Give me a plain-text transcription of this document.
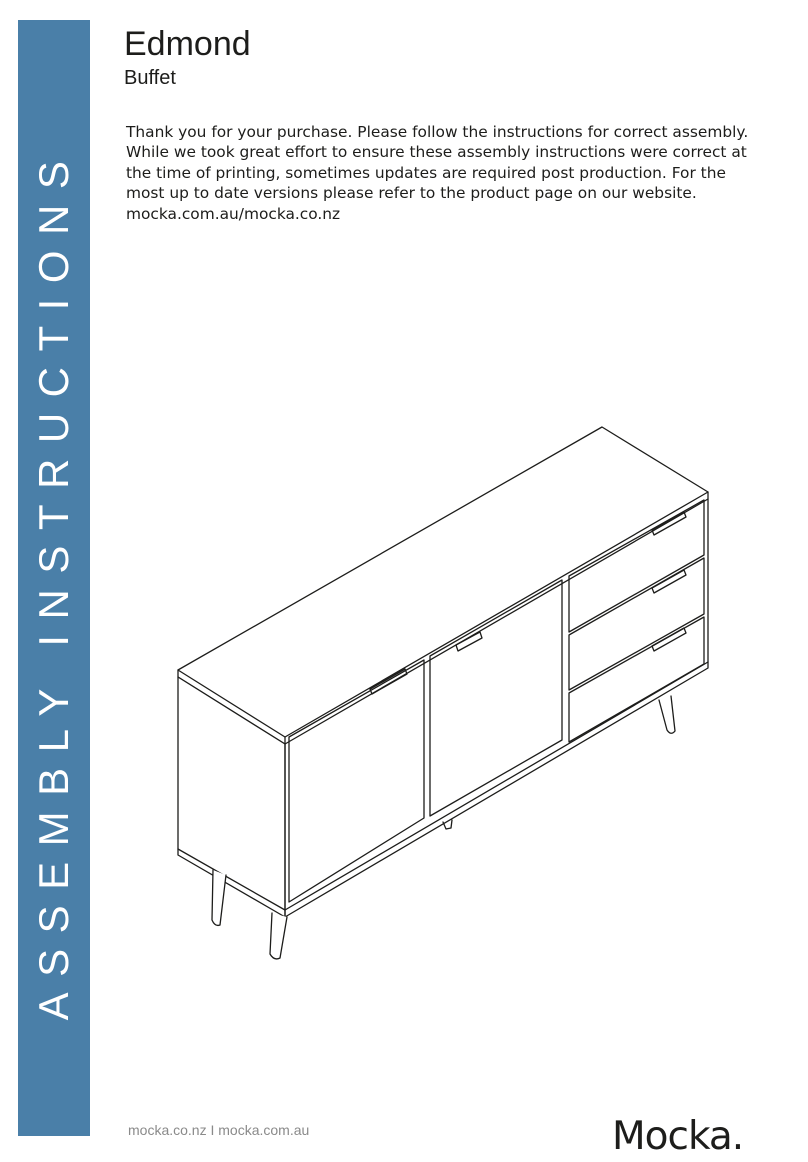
ASSEMBLY INSTRUCTIONS
Edmond
Buffet

Thank you for your purchase. Please follow the instructions for correct assembly. While we took great effort to ensure these assembly instructions were correct at the time of printing, sometimes updates are required post production. For the most up to date versions please refer to the product page on our website. mocka.com.au/mocka.co.nz

mocka.co.nz I mocka.com.au	Mocka.
